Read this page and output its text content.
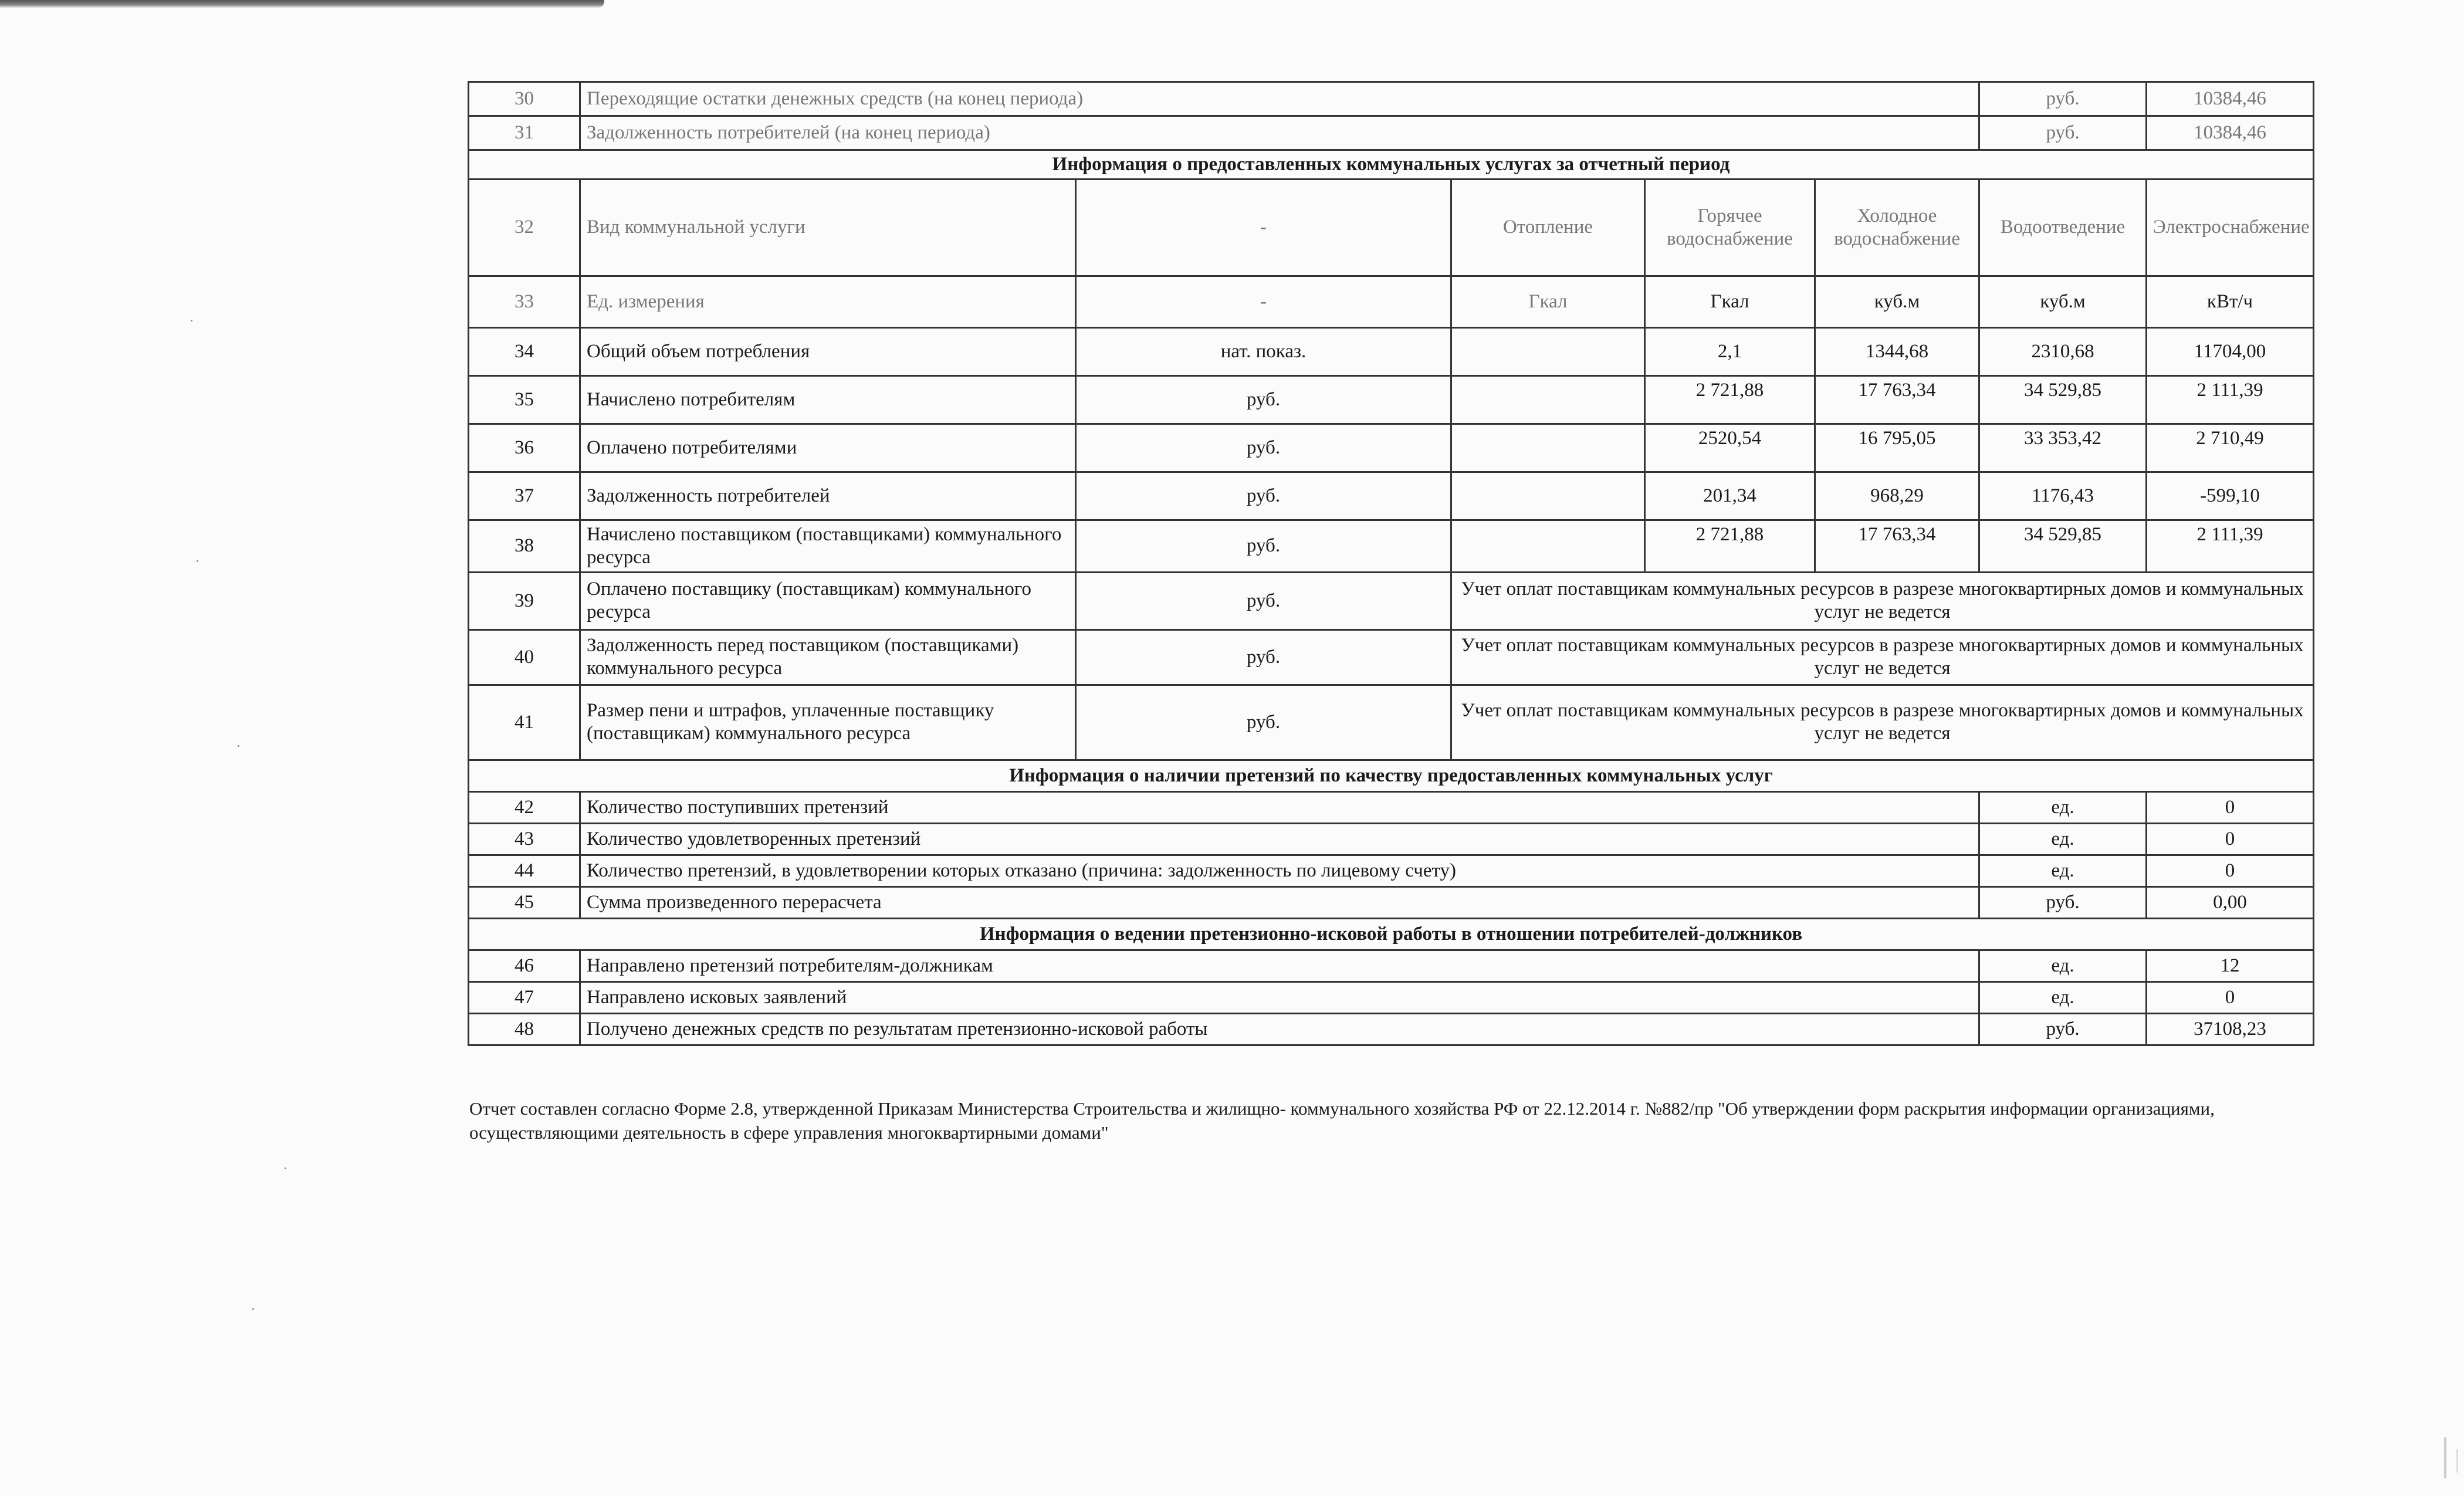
30	Переходящие остатки денежных средств (на конец периода)					руб.	10384,46
31	Задолженность потребителей (на конец периода)					руб.	10384,46
Информация о предоставленных коммунальных услугах за отчетный период							
32	Вид коммунальной услуги	-	Отопление	Горячее водоснабжение	Холодное водоснабжение	Водоотведение	Электроснабжение
33	Ед. измерения	-	Гкал	Гкал	куб.м	куб.м	кВт/ч
34	Общий объем потребления	нат. показ.		2,1	1344,68	2310,68	11704,00
35	Начислено потребителям	руб.		2 721,88	17 763,34	34 529,85	2 111,39
36	Оплачено потребителями	руб.		2520,54	16 795,05	33 353,42	2 710,49
37	Задолженность потребителей	руб.		201,34	968,29	1176,43	-599,10
38	Начислено поставщиком (поставщиками) коммунального ресурса	руб.		2 721,88	17 763,34	34 529,85	2 111,39
39	Оплачено поставщику (поставщикам) коммунального ресурса	руб.	Учет оплат поставщикам коммунальных ресурсов в разрезе многоквартирных домов и коммунальных услуг не ведется				
40	Задолженность перед поставщиком (поставщиками) коммунального ресурса	руб.	Учет оплат поставщикам коммунальных ресурсов в разрезе многоквартирных домов и коммунальных услуг не ведется				
41	Размер пени и штрафов, уплаченные поставщику (поставщикам) коммунального ресурса	руб.	Учет оплат поставщикам коммунальных ресурсов в разрезе многоквартирных домов и коммунальных услуг не ведется				
Информация о наличии претензий по качеству предоставленных коммунальных услуг							
42	Количество поступивших претензий					ед.	0
43	Количество удовлетворенных претензий					ед.	0
44	Количество претензий, в удовлетворении которых отказано (причина: задолженность по лицевому счету)					ед.	0
45	Сумма произведенного перерасчета					руб.	0,00
Информация о ведении претензионно-исковой работы в отношении потребителей-должников							
46	Направлено претензий потребителям-должникам					ед.	12
47	Направлено исковых заявлений					ед.	0
48	Получено денежных средств по результатам претензионно-исковой работы					руб.	37108,23
Отчет составлен согласно Форме 2.8, утвержденной Приказам Министерства Строительства и жилищно- коммунального хозяйства РФ от 22.12.2014 г. №882/пр "Об утверждении форм раскрытия информации организациями, осуществляющими деятельность в сфере управления многоквартирными домами"
